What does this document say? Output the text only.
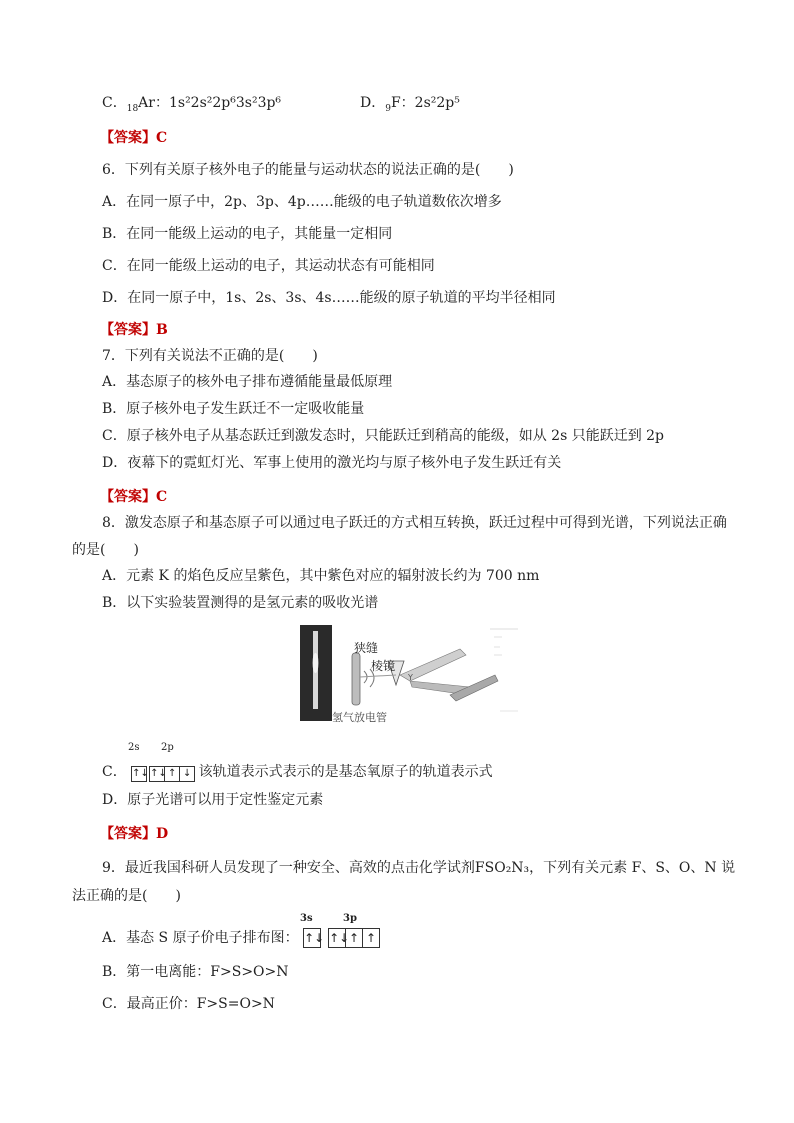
C．$_{18}$Ar：1s²2s²2p⁶3s²3p⁶	D．$_9$F：2s²2p⁵
【答案】C
6．下列有关原子核外电子的能量与运动状态的说法正确的是(　　)
A．在同一原子中，2p、3p、4p……能级的电子轨道数依次增多
B．在同一能级上运动的电子，其能量一定相同
C．在同一能级上运动的电子，其运动状态有可能相同
D．在同一原子中，1s、2s、3s、4s……能级的原子轨道的平均半径相同
【答案】B
7．下列有关说法不正确的是(　　)
A．基态原子的核外电子排布遵循能量最低原理
B．原子核外电子发生跃迁不一定吸收能量
C．原子核外电子从基态跃迁到激发态时，只能跃迁到稍高的能级，如从 2s 只能跃迁到 2p
D．夜幕下的霓虹灯光、军事上使用的激光均与原子核外电子发生跃迁有关
【答案】C
8．激发态原子和基态原子可以通过电子跃迁的方式相互转换，跃迁过程中可得到光谱，下列说法正确
的是(　　)
A．元素 K 的焰色反应呈紫色，其中紫色对应的辐射波长约为 700 nm
B．以下实验装置测得的是氢元素的吸收光谱
Y
狭缝
棱镜
氢气放电管
2s 2p
C． ↑↓↑↓↑ ↓ 该轨道表示式表示的是基态氧原子的轨道表示式
D．原子光谱可以用于定性鉴定元素
【答案】D
9．最近我国科研人员发现了一种安全、高效的点击化学试剂FSO₂N₃，下列有关元素 F、S、O、N 说
法正确的是(　　)
3s	3p
A．基态 S 原子价电子排布图： ↑↓ ↑↓↑ ↑
B．第一电离能：F>S>O>N
C．最高正价：F>S=O>N
